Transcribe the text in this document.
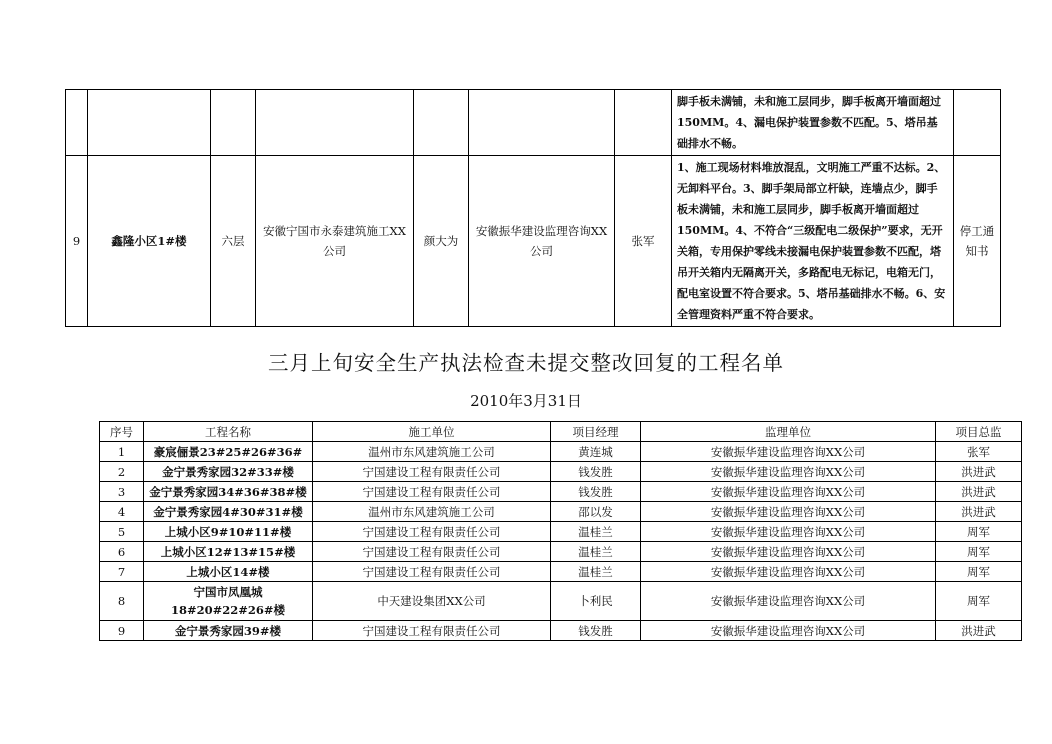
							脚手板未满铺，未和施工层同步，脚手板离开墙面超过150MM。4、漏电保护装置参数不匹配。5、塔吊基础排水不畅。	
9	鑫隆小区1#楼	六层	安徽宁国市永泰建筑施工XX公司	颜大为	安徽振华建设监理咨询XX公司	张军	1、施工现场材料堆放混乱，文明施工严重不达标。2、无卸料平台。3、脚手架局部立杆缺，连墙点少，脚手板未满铺，未和施工层同步，脚手板离开墙面超过150MM。4、不符合“三级配电二级保护”要求，无开关箱，专用保护零线未接漏电保护装置参数不匹配，塔吊开关箱内无隔离开关，多路配电无标记，电箱无门，配电室设置不符合要求。5、塔吊基础排水不畅。6、安全管理资料严重不符合要求。	停工通知书
三月上旬安全生产执法检查未提交整改回复的工程名单
2010年3月31日
序号	工程名称	施工单位	项目经理	监理单位	项目总监
1	豪宸俪景23#25#26#36#	温州市东风建筑施工公司	黄连城	安徽振华建设监理咨询XX公司	张军
2	金宁景秀家园32#33#楼	宁国建设工程有限责任公司	钱发胜	安徽振华建设监理咨询XX公司	洪进武
3	金宁景秀家园34#36#38#楼	宁国建设工程有限责任公司	钱发胜	安徽振华建设监理咨询XX公司	洪进武
4	金宁景秀家园4#30#31#楼	温州市东风建筑施工公司	邵以发	安徽振华建设监理咨询XX公司	洪进武
5	上城小区9#10#11#楼	宁国建设工程有限责任公司	温桂兰	安徽振华建设监理咨询XX公司	周军
6	上城小区12#13#15#楼	宁国建设工程有限责任公司	温桂兰	安徽振华建设监理咨询XX公司	周军
7	上城小区14#楼	宁国建设工程有限责任公司	温桂兰	安徽振华建设监理咨询XX公司	周军
8	宁国市凤凰城
18#20#22#26#楼	中天建设集团XX公司	卜利民	安徽振华建设监理咨询XX公司	周军
9	金宁景秀家园39#楼	宁国建设工程有限责任公司	钱发胜	安徽振华建设监理咨询XX公司	洪进武
